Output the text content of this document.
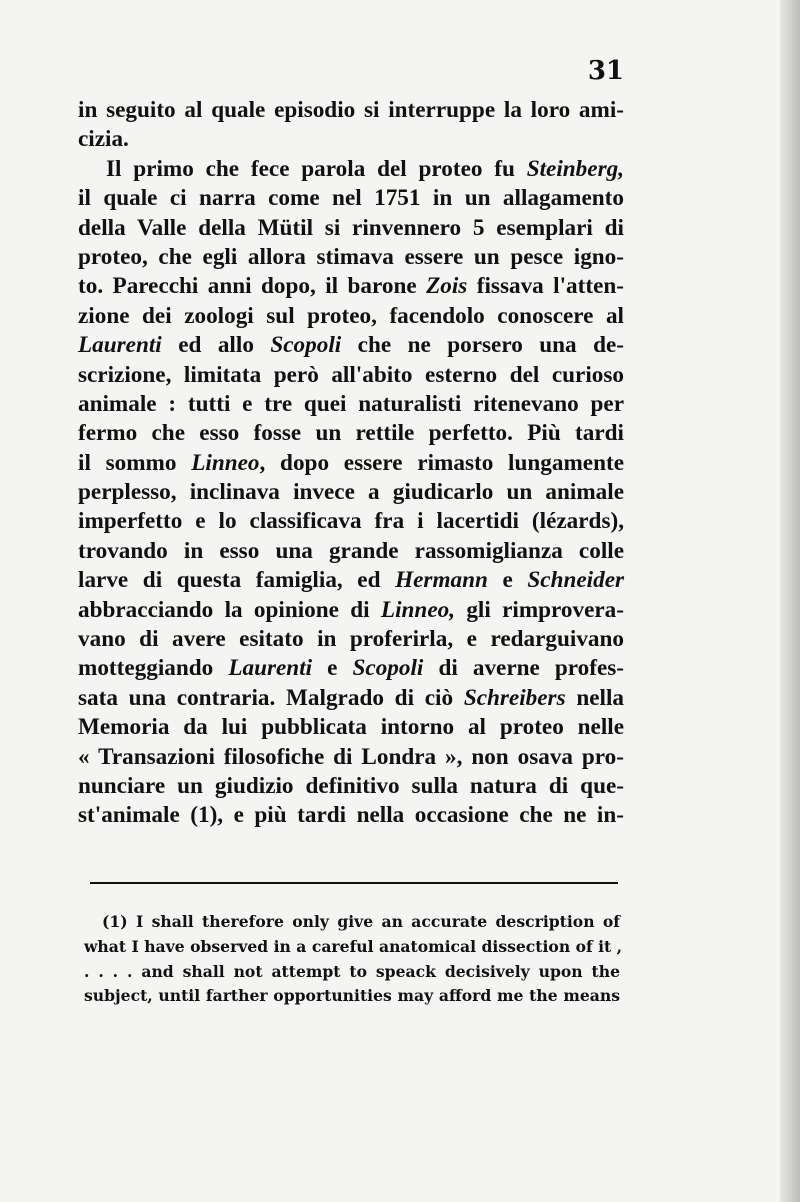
31
in seguito al quale episodio si interruppe la loro ami-
cizia.
Il primo che fece parola del proteo fu Steinberg,
il quale ci narra come nel 1751 in un allagamento
della Valle della Mütil si rinvennero 5 esemplari di
proteo, che egli allora stimava essere un pesce igno-
to. Parecchi anni dopo, il barone Zois fissava l'atten-
zione dei zoologi sul proteo, facendolo conoscere al
Laurenti ed allo Scopoli che ne porsero una de-
scrizione, limitata però all'abito esterno del curioso
animale : tutti e tre quei naturalisti ritenevano per
fermo che esso fosse un rettile perfetto. Più tardi
il sommo Linneo, dopo essere rimasto lungamente
perplesso, inclinava invece a giudicarlo un animale
imperfetto e lo classificava fra i lacertidi (lézards),
trovando in esso una grande rassomiglianza colle
larve di questa famiglia, ed Hermann e Schneider
abbracciando la opinione di Linneo, gli rimprovera-
vano di avere esitato in proferirla, e redarguivano
motteggiando Laurenti e Scopoli di averne profes-
sata una contraria. Malgrado di ciò Schreibers nella
Memoria da lui pubblicata intorno al proteo nelle
« Transazioni filosofiche di Londra », non osava pro-
nunciare un giudizio definitivo sulla natura di que-
st'animale (1), e più tardi nella occasione che ne in-
(1) I shall therefore only give an accurate description of
what I have observed in a careful anatomical dissection of it ,
. . . . and shall not attempt to speack decisively upon the
subject, until farther opportunities may afford me the means
